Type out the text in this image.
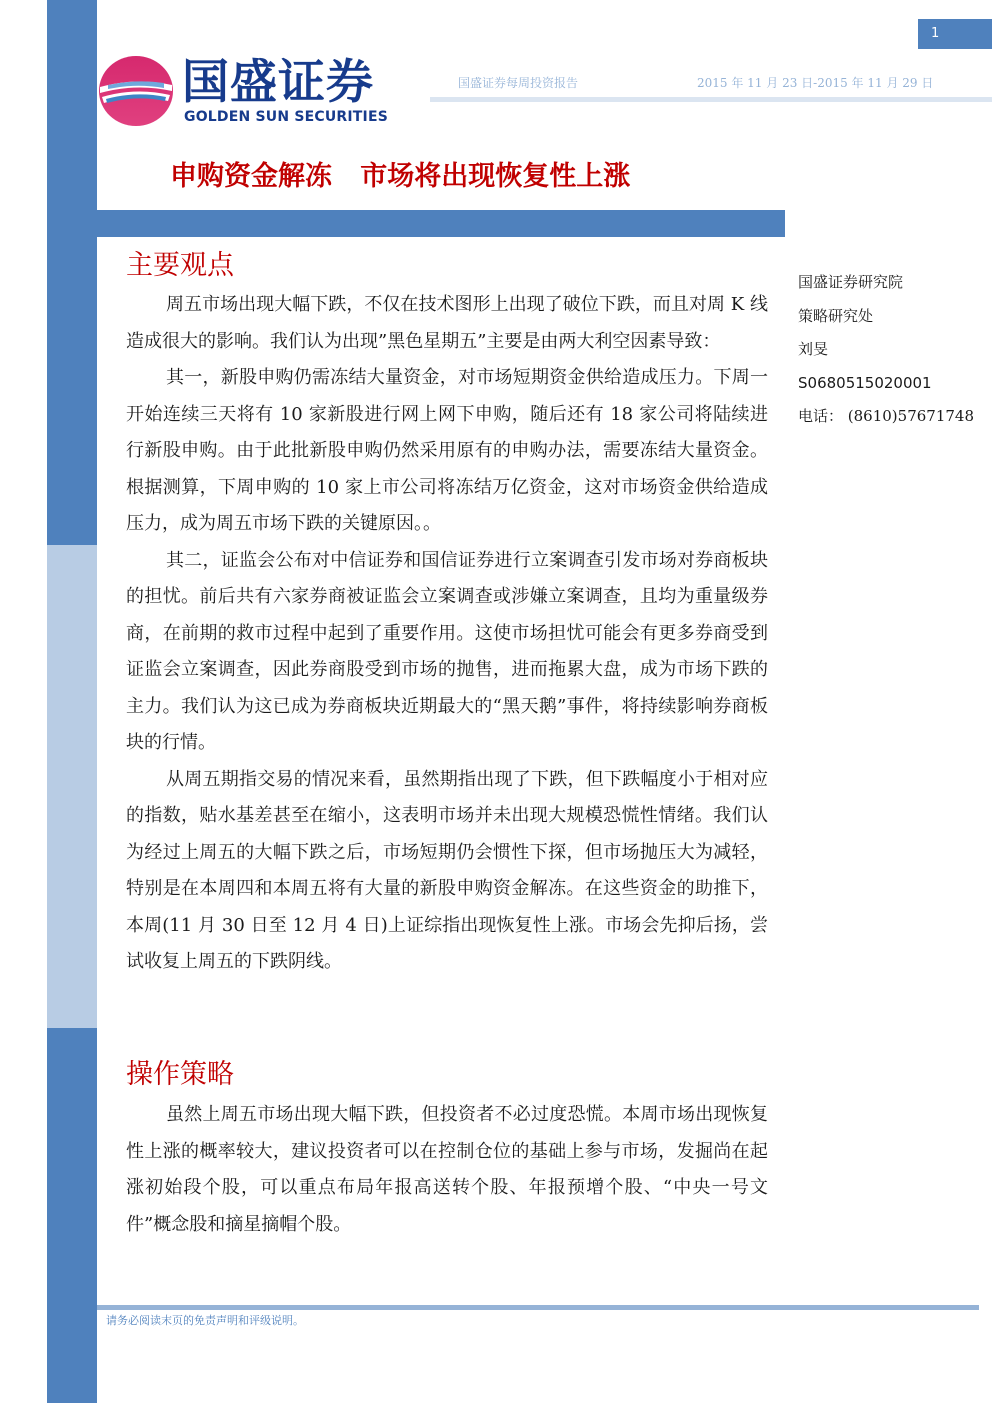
1
国盛证券
GOLDEN SUN SECURITIES
国盛证券每周投资报告	2015 年 11 月 23 日-2015 年 11 月 29 日
申购资金解冻   市场将出现恢复性上涨
主要观点

周五市场出现大幅下跌，不仅在技术图形上出现了破位下跌，而且对周 K 线造成很大的影响。我们认为出现”黑色星期五”主要是由两大利空因素导致：

其一，新股申购仍需冻结大量资金，对市场短期资金供给造成压力。下周一开始连续三天将有 10 家新股进行网上网下申购，随后还有 18 家公司将陆续进行新股申购。由于此批新股申购仍然采用原有的申购办法，需要冻结大量资金。根据测算，下周申购的 10 家上市公司将冻结万亿资金，这对市场资金供给造成压力，成为周五市场下跌的关键原因。。

其二，证监会公布对中信证券和国信证券进行立案调查引发市场对券商板块的担忧。前后共有六家券商被证监会立案调查或涉嫌立案调查，且均为重量级券商，在前期的救市过程中起到了重要作用。这使市场担忧可能会有更多券商受到证监会立案调查，因此券商股受到市场的抛售，进而拖累大盘，成为市场下跌的主力。我们认为这已成为券商板块近期最大的“黑天鹅”事件，将持续影响券商板块的行情。

从周五期指交易的情况来看，虽然期指出现了下跌，但下跌幅度小于相对应的指数，贴水基差甚至在缩小，这表明市场并未出现大规模恐慌性情绪。我们认为经过上周五的大幅下跌之后，市场短期仍会惯性下探，但市场抛压大为减轻，特别是在本周四和本周五将有大量的新股申购资金解冻。在这些资金的助推下，本周(11 月 30 日至 12 月 4 日)上证综指出现恢复性上涨。市场会先抑后扬，尝试收复上周五的下跌阴线。

操作策略

虽然上周五市场出现大幅下跌，但投资者不必过度恐慌。本周市场出现恢复性上涨的概率较大，建议投资者可以在控制仓位的基础上参与市场，发掘尚在起涨初始段个股，可以重点布局年报高送转个股、年报预增个股、“中央一号文件”概念股和摘星摘帽个股。

国盛证券研究院
策略研究处
刘旻
S0680515020001
电话： (8610)57671748
请务必阅读末页的免责声明和评级说明。
